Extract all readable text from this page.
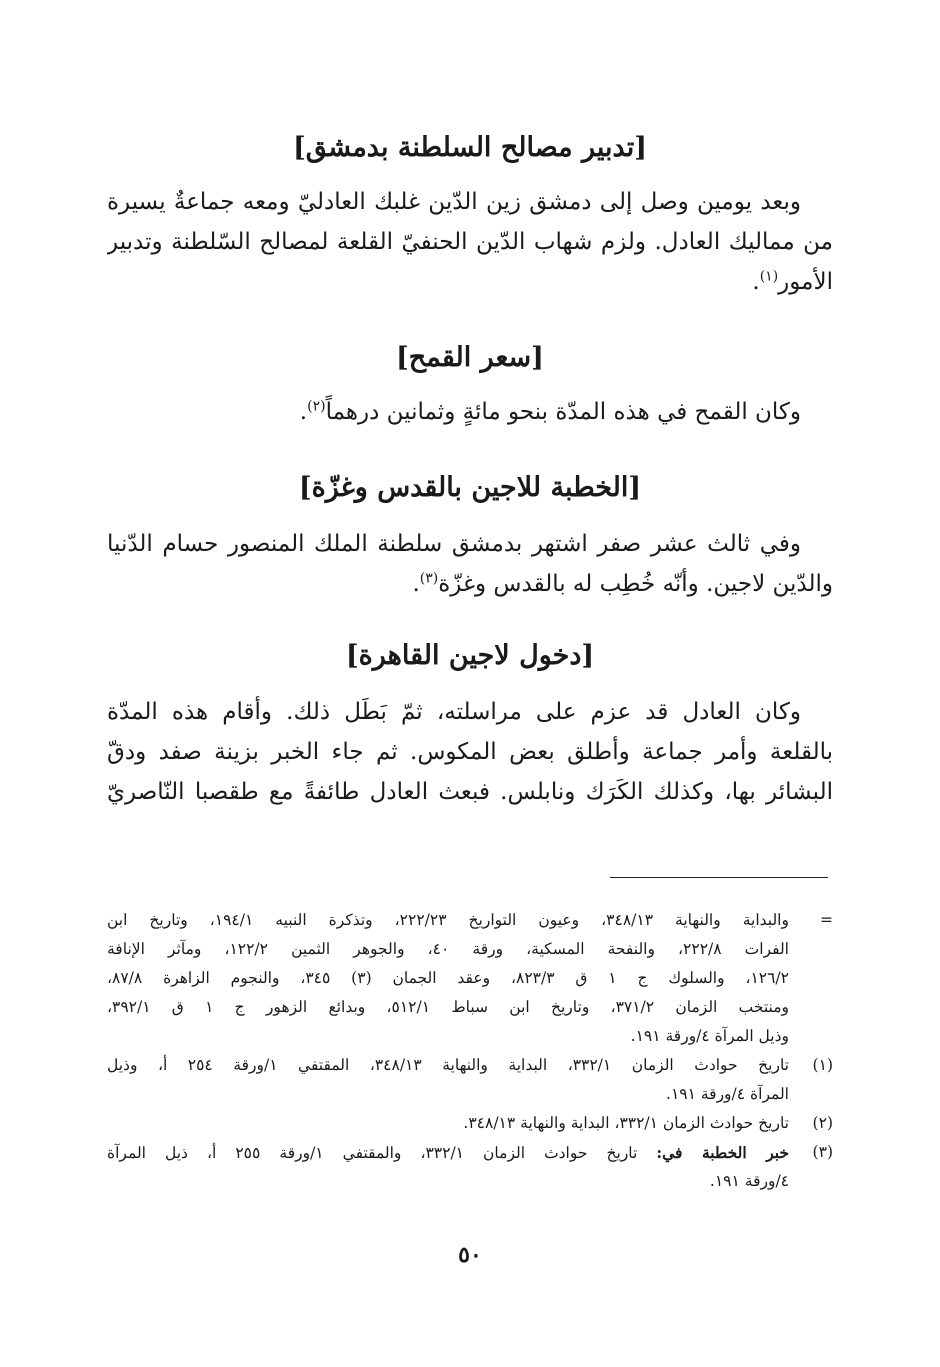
[تدبير مصالح السلطنة بدمشق]
وبعد يومين وصل إلى دمشق زين الدّين غلبك العادليّ ومعه جماعةٌ يسيرة
من مماليك العادل. ولزم شهاب الدّين الحنفيّ القلعة لمصالح السّلطنة وتدبير
الأمور$^{(١)}$.
[سعر القمح]
وكان القمح في هذه المدّة بنحو مائةٍ وثمانين درهماً$^{(٢)}$.
[الخطبة للاجين بالقدس وغزّة]
وفي ثالث عشر صفر اشتهر بدمشق سلطنة الملك المنصور حسام الدّنيا
والدّين لاجين. وأنّه خُطِب له بالقدس وغزّة$^{(٣)}$.
[دخول لاجين القاهرة]
وكان العادل قد عزم على مراسلته، ثمّ بَطَل ذلك. وأقام هذه المدّة
بالقلعة وأمر جماعة وأطلق بعض المكوس. ثم جاء الخبر بزينة صفد ودقّ
البشائر بها، وكذلك الكَرَك ونابلس. فبعث العادل طائفةً مع طقصبا النّاصريّ
=
والبداية والنهاية ٣٤٨/١٣، وعيون التواريخ ٢٢٢/٢٣، وتذكرة النبيه ١٩٤/١، وتاريخ ابن
الفرات ٢٢٢/٨، والنفحة المسكية، ورقة ٤٠، والجوهر الثمين ١٢٢/٢، ومآثر الإنافة
١٢٦/٢، والسلوك ج ١ ق ٨٢٣/٣، وعقد الجمان (٣) ٣٤٥، والنجوم الزاهرة ٨٧/٨،
ومنتخب الزمان ٣٧١/٢، وتاريخ ابن سباط ٥١٢/١، وبدائع الزهور ج ١ ق ٣٩٢/١،
وذيل المرآة ٤/ورقة ١٩١.
(١)
تاريخ حوادث الزمان ٣٣٢/١، البداية والنهاية ٣٤٨/١٣، المقتفي ١/ورقة ٢٥٤ أ، وذيل
المرآة ٤/ورقة ١٩١.
(٢)
تاريخ حوادث الزمان ٣٣٢/١، البداية والنهاية ٣٤٨/١٣.
(٣)
خبر الخطبة في: تاريخ حوادث الزمان ٣٣٢/١، والمقتفي ١/ورقة ٢٥٥ أ، ذيل المرآة
٤/ورقة ١٩١.
٥٠
